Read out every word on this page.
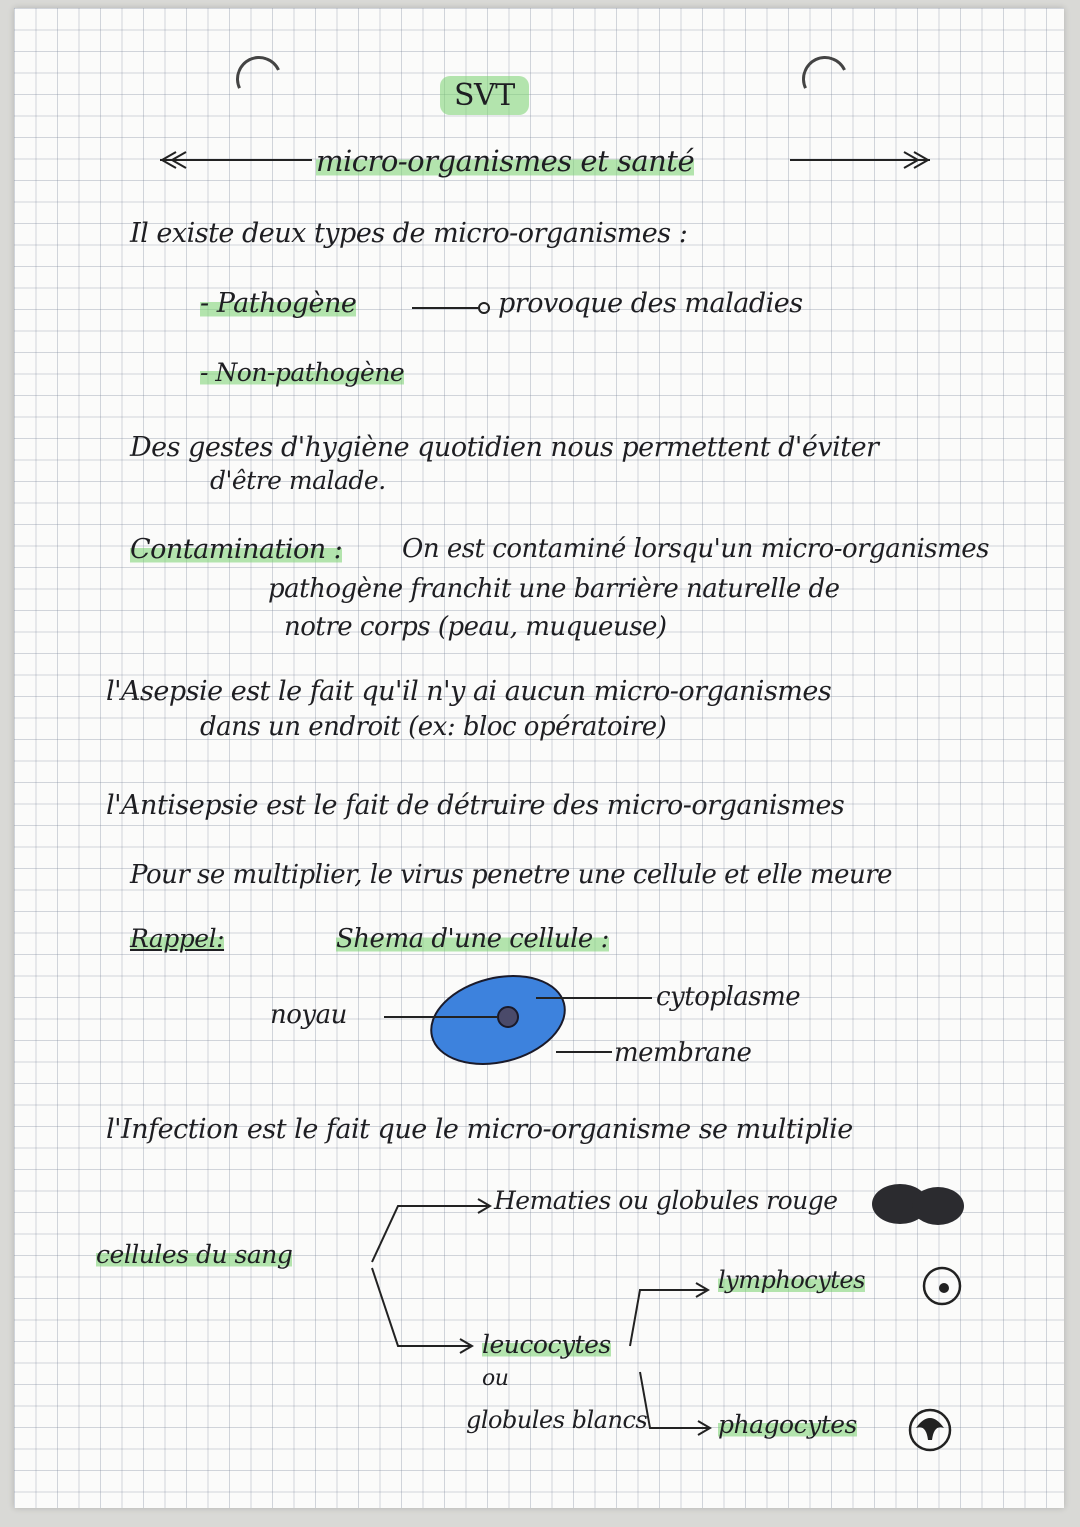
SVT
micro-organismes et santé
Il existe deux types de micro-organismes :
- Pathogène	provoque des maladies
- Non-pathogène
Des gestes d'hygiène quotidien nous permettent d'éviter
d'être malade.
Contamination : On est contaminé lorsqu'un micro-organismes
pathogène franchit une barrière naturelle de
notre corps (peau, muqueuse)
l'Asepsie est le fait qu'il n'y ai aucun micro-organismes
dans un endroit (ex: bloc opératoire)
l'Antisepsie est le fait de détruire des micro-organismes
Pour se multiplier, le virus penetre une cellule et elle meure
Rappel:	Shema d'une cellule :
noyau
cytoplasme
membrane
l'Infection est le fait que le micro-organisme se multiplie
cellules du sang
Hematies ou globules rouge
leucocytes
ou
globules blancs
lymphocytes
phagocytes
